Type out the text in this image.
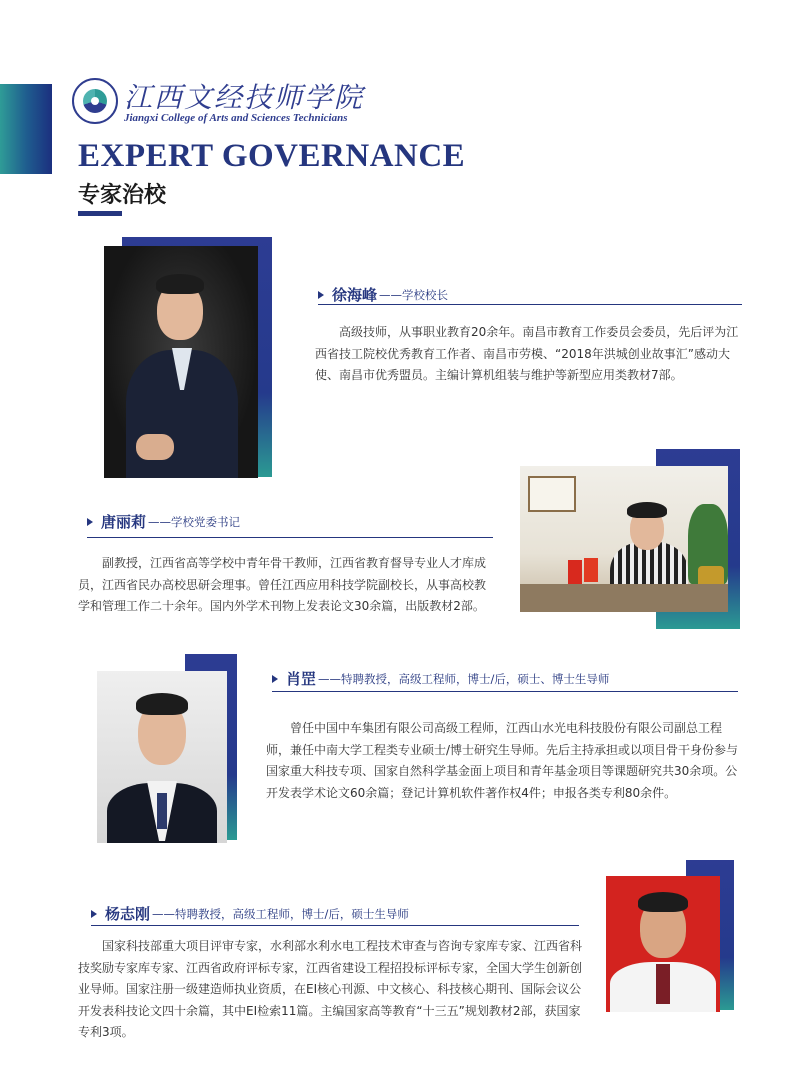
江西文经技师学院
Jiangxi College of Arts and Sciences Technicians
EXPERT GOVERNANCE
专家治校
徐海峰 ——学校校长

高级技师，从事职业教育20余年。南昌市教育工作委员会委员，先后评为江西省技工院校优秀教育工作者、南昌市劳模、“2018年洪城创业故事汇”感动大使、南昌市优秀盟员。主编计算机组装与维护等新型应用类教材7部。

唐丽莉 ——学校党委书记

副教授，江西省高等学校中青年骨干教师，江西省教育督导专业人才库成员，江西省民办高校思研会理事。曾任江西应用科技学院副校长，从事高校教学和管理工作二十余年。国内外学术刊物上发表论文30余篇，出版教材2部。

肖罡 ——特聘教授，高级工程师，博士/后，硕士、博士生导师

曾任中国中车集团有限公司高级工程师，江西山水光电科技股份有限公司副总工程师，兼任中南大学工程类专业硕士/博士研究生导师。先后主持承担或以项目骨干身份参与国家重大科技专项、国家自然科学基金面上项目和青年基金项目等课题研究共30余项。公开发表学术论文60余篇；登记计算机软件著作权4件；申报各类专利80余件。

杨志刚 ——特聘教授，高级工程师，博士/后，硕士生导师

国家科技部重大项目评审专家，水利部水利水电工程技术审查与咨询专家库专家、江西省科技奖励专家库专家、江西省政府评标专家，江西省建设工程招投标评标专家，全国大学生创新创业导师。国家注册一级建造师执业资质，在EI核心刊源、中文核心、科技核心期刊、国际会议公开发表科技论文四十余篇，其中EI检索11篇。主编国家高等教育“十三五”规划教材2部，获国家专利3项。
